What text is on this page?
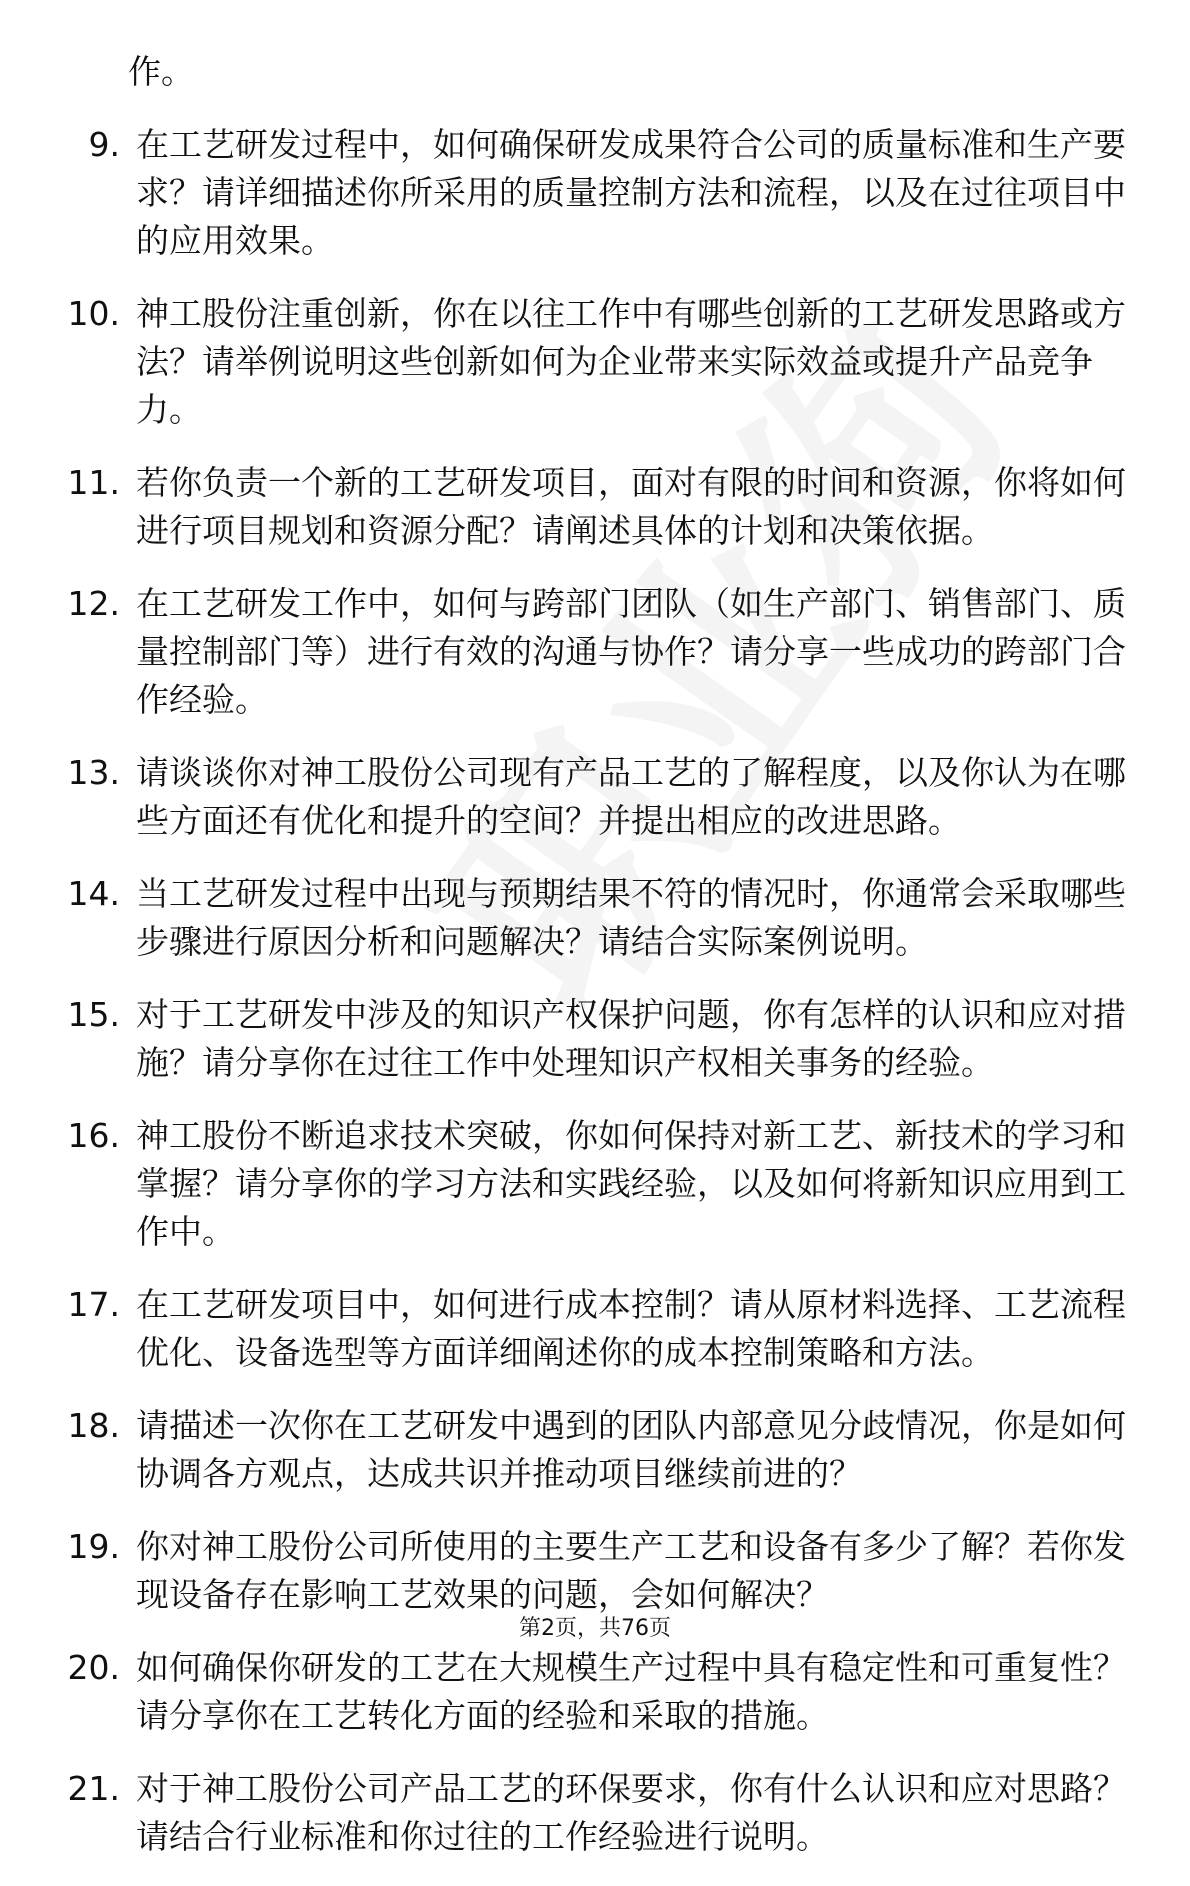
作。
9. 在工艺研发过程中，如何确保研发成果符合公司的质量标准和生产要求？请详细描述你所采用的质量控制方法和流程，以及在过往项目中的应用效果。
10. 神工股份注重创新，你在以往工作中有哪些创新的工艺研发思路或方法？请举例说明这些创新如何为企业带来实际效益或提升产品竞争力。
11. 若你负责一个新的工艺研发项目，面对有限的时间和资源，你将如何进行项目规划和资源分配？请阐述具体的计划和决策依据。
12. 在工艺研发工作中，如何与跨部门团队（如生产部门、销售部门、质量控制部门等）进行有效的沟通与协作？请分享一些成功的跨部门合作经验。
13. 请谈谈你对神工股份公司现有产品工艺的了解程度，以及你认为在哪些方面还有优化和提升的空间？并提出相应的改进思路。
14. 当工艺研发过程中出现与预期结果不符的情况时，你通常会采取哪些步骤进行原因分析和问题解决？请结合实际案例说明。
15. 对于工艺研发中涉及的知识产权保护问题，你有怎样的认识和应对措施？请分享你在过往工作中处理知识产权相关事务的经验。
16. 神工股份不断追求技术突破，你如何保持对新工艺、新技术的学习和掌握？请分享你的学习方法和实践经验，以及如何将新知识应用到工作中。
17. 在工艺研发项目中，如何进行成本控制？请从原材料选择、工艺流程优化、设备选型等方面详细阐述你的成本控制策略和方法。
18. 请描述一次你在工艺研发中遇到的团队内部意见分歧情况，你是如何协调各方观点，达成共识并推动项目继续前进的？
19. 你对神工股份公司所使用的主要生产工艺和设备有多少了解？若你发现设备存在影响工艺效果的问题，会如何解决？
20. 如何确保你研发的工艺在大规模生产过程中具有稳定性和可重复性？请分享你在工艺转化方面的经验和采取的措施。
21. 对于神工股份公司产品工艺的环保要求，你有什么认识和应对思路？请结合行业标准和你过往的工作经验进行说明。
第2页，共76页
